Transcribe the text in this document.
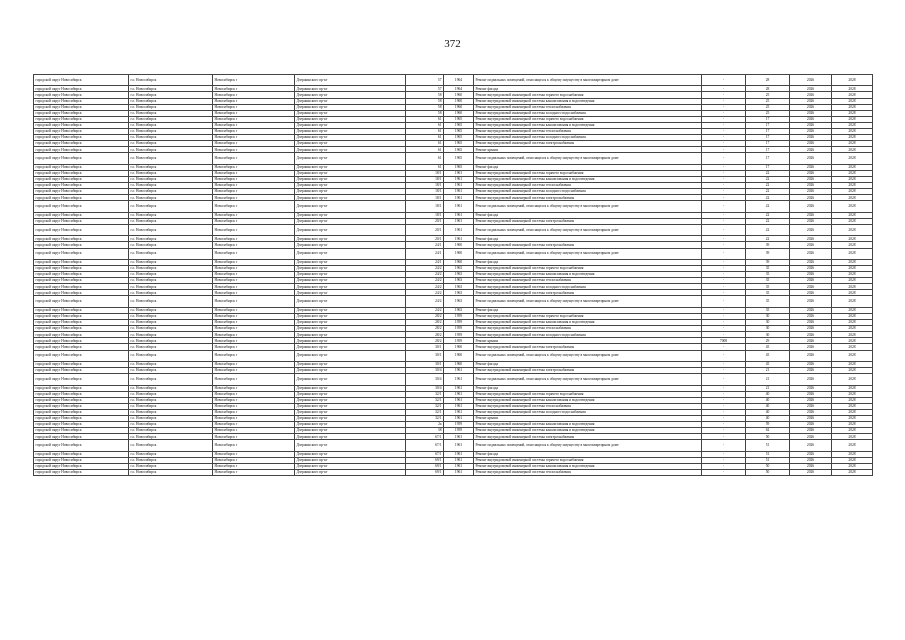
372
городской округ Новосибирск	г.о. Новосибирск	Новосибирск г	Дзержинского пр-кт	57	1964	Ремонт подвальных помещений, относящихся к общему имуществу в многоквартирном доме	-	28	2026	2028
городской округ Новосибирск	г.о. Новосибирск	Новосибирск г	Дзержинского пр-кт	57	1964	Ремонт фасада	-	28	2026	2028
городской округ Новосибирск	г.о. Новосибирск	Новосибирск г	Дзержинского пр-кт	58	1960	Ремонт внутридомовой инженерной системы горячего водоснабжения	-	25	2026	2028
городской округ Новосибирск	г.о. Новосибирск	Новосибирск г	Дзержинского пр-кт	58	1960	Ремонт внутридомовой инженерной системы канализования и водоотведения	-	25	2026	2028
городской округ Новосибирск	г.о. Новосибирск	Новосибирск г	Дзержинского пр-кт	58	1960	Ремонт внутридомовой инженерной системы теплоснабжения	-	25	2026	2028
городской округ Новосибирск	г.о. Новосибирск	Новосибирск г	Дзержинского пр-кт	58	1960	Ремонт внутридомовой инженерной системы холодного водоснабжения	-	25	2026	2028
городской округ Новосибирск	г.о. Новосибирск	Новосибирск г	Дзержинского пр-кт	61	1965	Ремонт внутридомовой инженерной системы горячего водоснабжения	-	17	2026	2028
городской округ Новосибирск	г.о. Новосибирск	Новосибирск г	Дзержинского пр-кт	61	1965	Ремонт внутридомовой инженерной системы канализования и водоотведения	-	17	2026	2028
городской округ Новосибирск	г.о. Новосибирск	Новосибирск г	Дзержинского пр-кт	61	1965	Ремонт внутридомовой инженерной системы теплоснабжения	-	17	2026	2028
городской округ Новосибирск	г.о. Новосибирск	Новосибирск г	Дзержинского пр-кт	61	1965	Ремонт внутридомовой инженерной системы холодного водоснабжения	-	17	2026	2028
городской округ Новосибирск	г.о. Новосибирск	Новосибирск г	Дзержинского пр-кт	61	1965	Ремонт внутридомовой инженерной системы электроснабжения	-	17	2026	2028
городской округ Новосибирск	г.о. Новосибирск	Новосибирск г	Дзержинского пр-кт	61	1965	Ремонт крыши	-	17	2026	2028
городской округ Новосибирск	г.о. Новосибирск	Новосибирск г	Дзержинского пр-кт	61	1965	Ремонт подвальных помещений, относящихся к общему имуществу в многоквартирном доме	-	17	2026	2028
городской округ Новосибирск	г.о. Новосибирск	Новосибирск г	Дзержинского пр-кт	61	1965	Ремонт фасада	-	17	2026	2028
городской округ Новосибирск	г.о. Новосибирск	Новосибирск г	Дзержинского пр-кт	18/1	1961	Ремонт внутридомовой инженерной системы горячего водоснабжения	-	22	2026	2028
городской округ Новосибирск	г.о. Новосибирск	Новосибирск г	Дзержинского пр-кт	18/1	1961	Ремонт внутридомовой инженерной системы канализования и водоотведения	-	22	2026	2028
городской округ Новосибирск	г.о. Новосибирск	Новосибирск г	Дзержинского пр-кт	18/1	1961	Ремонт внутридомовой инженерной системы теплоснабжения	-	22	2026	2028
городской округ Новосибирск	г.о. Новосибирск	Новосибирск г	Дзержинского пр-кт	18/1	1961	Ремонт внутридомовой инженерной системы холодного водоснабжения	-	22	2026	2028
городской округ Новосибирск	г.о. Новосибирск	Новосибирск г	Дзержинского пр-кт	18/1	1961	Ремонт внутридомовой инженерной системы электроснабжения	-	22	2026	2028
городской округ Новосибирск	г.о. Новосибирск	Новосибирск г	Дзержинского пр-кт	18/1	1961	Ремонт подвальных помещений, относящихся к общему имуществу в многоквартирном доме	-	22	2026	2028
городской округ Новосибирск	г.о. Новосибирск	Новосибирск г	Дзержинского пр-кт	18/1	1961	Ремонт фасада	-	22	2026	2028
городской округ Новосибирск	г.о. Новосибирск	Новосибирск г	Дзержинского пр-кт	20/1	1961	Ремонт внутридомовой инженерной системы электроснабжения	-	22	2026	2028
городской округ Новосибирск	г.о. Новосибирск	Новосибирск г	Дзержинского пр-кт	20/1	1961	Ремонт подвальных помещений, относящихся к общему имуществу в многоквартирном доме	-	22	2026	2028
городской округ Новосибирск	г.о. Новосибирск	Новосибирск г	Дзержинского пр-кт	20/1	1961	Ремонт фасада	-	22	2026	2028
городской округ Новосибирск	г.о. Новосибирск	Новосибирск г	Дзержинского пр-кт	24/1	1960	Ремонт внутридомовой инженерной системы электроснабжения	-	39	2026	2028
городской округ Новосибирск	г.о. Новосибирск	Новосибирск г	Дзержинского пр-кт	24/1	1960	Ремонт подвальных помещений, относящихся к общему имуществу в многоквартирном доме	-	39	2026	2028
городской округ Новосибирск	г.о. Новосибирск	Новосибирск г	Дзержинского пр-кт	24/1	1960	Ремонт фасада	-	39	2026	2028
городской округ Новосибирск	г.о. Новосибирск	Новосибирск г	Дзержинского пр-кт	24/2	1963	Ремонт внутридомовой инженерной системы горячего водоснабжения	-	35	2026	2028
городской округ Новосибирск	г.о. Новосибирск	Новосибирск г	Дзержинского пр-кт	24/2	1963	Ремонт внутридомовой инженерной системы канализования и водоотведения	-	35	2026	2028
городской округ Новосибирск	г.о. Новосибирск	Новосибирск г	Дзержинского пр-кт	24/2	1963	Ремонт внутридомовой инженерной системы теплоснабжения	-	35	2026	2028
городской округ Новосибирск	г.о. Новосибирск	Новосибирск г	Дзержинского пр-кт	24/2	1963	Ремонт внутридомовой инженерной системы холодного водоснабжения	-	35	2026	2028
городской округ Новосибирск	г.о. Новосибирск	Новосибирск г	Дзержинского пр-кт	24/2	1963	Ремонт внутридомовой инженерной системы электроснабжения	-	35	2026	2028
городской округ Новосибирск	г.о. Новосибирск	Новосибирск г	Дзержинского пр-кт	24/2	1963	Ремонт подвальных помещений, относящихся к общему имуществу в многоквартирном доме	-	35	2026	2028
городской округ Новосибирск	г.о. Новосибирск	Новосибирск г	Дзержинского пр-кт	24/2	1963	Ремонт фасада	-	35	2026	2028
городской округ Новосибирск	г.о. Новосибирск	Новосибирск г	Дзержинского пр-кт	28/2	1959	Ремонт внутридомовой инженерной системы горячего водоснабжения	-	30	2026	2028
городской округ Новосибирск	г.о. Новосибирск	Новосибирск г	Дзержинского пр-кт	28/2	1959	Ремонт внутридомовой инженерной системы канализования и водоотведения	-	30	2026	2028
городской округ Новосибирск	г.о. Новосибирск	Новосибирск г	Дзержинского пр-кт	28/2	1959	Ремонт внутридомовой инженерной системы теплоснабжения	-	30	2026	2028
городской округ Новосибирск	г.о. Новосибирск	Новосибирск г	Дзержинского пр-кт	28/2	1959	Ремонт внутридомовой инженерной системы холодного водоснабжения	-	30	2026	2028
городской округ Новосибирск	г.о. Новосибирск	Новосибирск г	Дзержинского пр-кт	28/2	1959	Ремонт крыши	7008	29	2026	2028
городской округ Новосибирск	г.о. Новосибирск	Новосибирск г	Дзержинского пр-кт	30/1	1960	Ремонт внутридомовой инженерной системы электроснабжения	-	45	2026	2028
городской округ Новосибирск	г.о. Новосибирск	Новосибирск г	Дзержинского пр-кт	30/1	1960	Ремонт подвальных помещений, относящихся к общему имуществу в многоквартирном доме	-	45	2026	2028
городской округ Новосибирск	г.о. Новосибирск	Новосибирск г	Дзержинского пр-кт	30/1	1960	Ремонт фасада	-	45	2026	2028
городской округ Новосибирск	г.о. Новосибирск	Новосибирск г	Дзержинского пр-кт	30/4	1961	Ремонт внутридомовой инженерной системы электроснабжения	-	21	2026	2028
городской округ Новосибирск	г.о. Новосибирск	Новосибирск г	Дзержинского пр-кт	30/4	1961	Ремонт подвальных помещений, относящихся к общему имуществу в многоквартирном доме	-	21	2026	2028
городской округ Новосибирск	г.о. Новосибирск	Новосибирск г	Дзержинского пр-кт	30/4	1961	Ремонт фасада	-	21	2026	2028
городской округ Новосибирск	г.о. Новосибирск	Новосибирск г	Дзержинского пр-кт	32/1	1961	Ремонт внутридомовой инженерной системы горячего водоснабжения	-	40	2026	2028
городской округ Новосибирск	г.о. Новосибирск	Новосибирск г	Дзержинского пр-кт	32/1	1961	Ремонт внутридомовой инженерной системы канализования и водоотведения	-	40	2026	2028
городской округ Новосибирск	г.о. Новосибирск	Новосибирск г	Дзержинского пр-кт	32/1	1961	Ремонт внутридомовой инженерной системы теплоснабжения	-	40	2026	2028
городской округ Новосибирск	г.о. Новосибирск	Новосибирск г	Дзержинского пр-кт	32/1	1961	Ремонт внутридомовой инженерной системы холодного водоснабжения	-	40	2026	2028
городской округ Новосибирск	г.о. Новосибирск	Новосибирск г	Дзержинского пр-кт	32/1	1961	Ремонт крыши	-	40	2026	2028
городской округ Новосибирск	г.о. Новосибирск	Новосибирск г	Дзержинского пр-кт	2а	1959	Ремонт внутридомовой инженерной системы канализования и водоотведения	-	59	2026	2028
городской округ Новосибирск	г.о. Новосибирск	Новосибирск г	Дзержинского пр-кт	38	1959	Ремонт внутридомовой инженерной системы канализования и водоотведения	-	62	2026	2028
городской округ Новосибирск	г.о. Новосибирск	Новосибирск г	Дзержинского пр-кт	67/1	1961	Ремонт внутридомовой инженерной системы электроснабжения	-	50	2026	2028
городской округ Новосибирск	г.о. Новосибирск	Новосибирск г	Дзержинского пр-кт	67/1	1961	Ремонт подвальных помещений, относящихся к общему имуществу в многоквартирном доме	-	51	2026	2028
городской округ Новосибирск	г.о. Новосибирск	Новосибирск г	Дзержинского пр-кт	67/1	1961	Ремонт фасада	-	51	2026	2028
городской округ Новосибирск	г.о. Новосибирск	Новосибирск г	Дзержинского пр-кт	69/1	1961	Ремонт внутридомовой инженерной системы горячего водоснабжения	-	51	2026	2028
городской округ Новосибирск	г.о. Новосибирск	Новосибирск г	Дзержинского пр-кт	69/1	1961	Ремонт внутридомовой инженерной системы канализования и водоотведения	-	50	2026	2028
городской округ Новосибирск	г.о. Новосибирск	Новосибирск г	Дзержинского пр-кт	69/1	1961	Ремонт внутридомовой инженерной системы теплоснабжения	-	50	2026	2028
